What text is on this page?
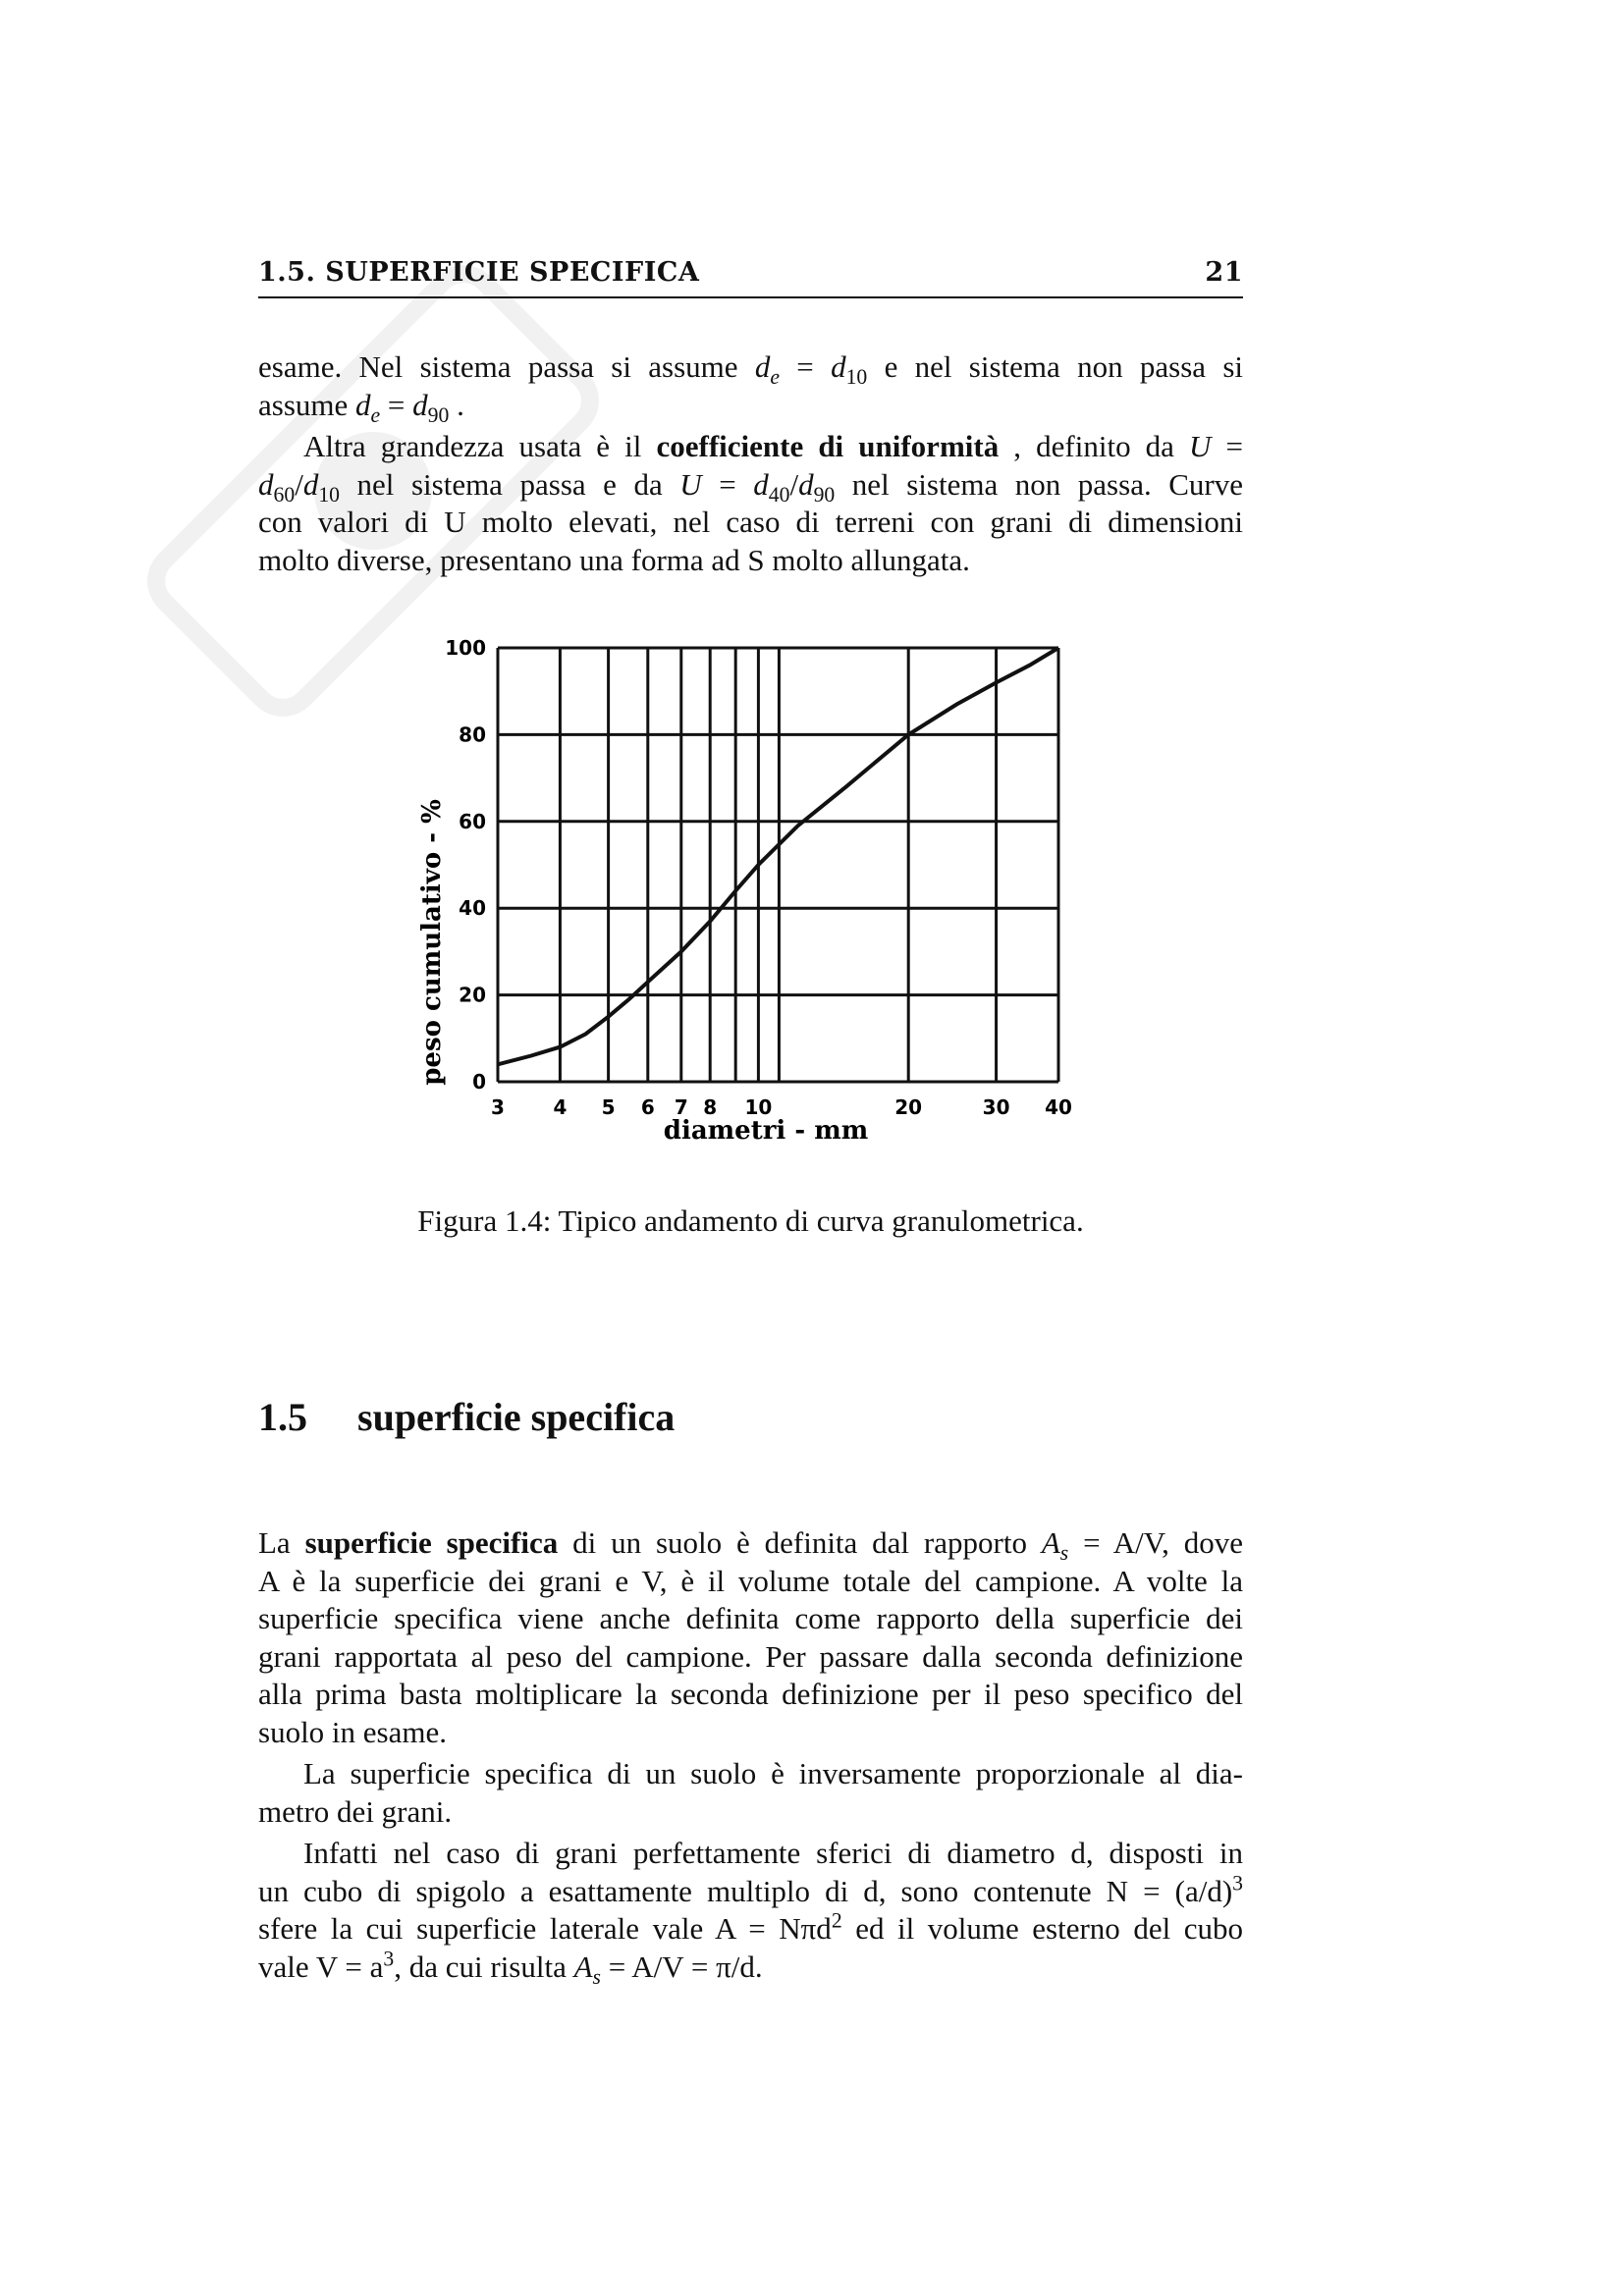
1.5. SUPERFICIE SPECIFICA	21

esame. Nel sistema passa si assume $d_e = d_{10}$ e nel sistema non passa si
assume $d_e = d_{90}$ .

Altra grandezza usata è il coefficiente di uniformità , definito da U =
$d_{60}/d_{10}$ nel sistema passa e da $U = d_{40}/d_{90}$ nel sistema non passa. Curve
con valori di U molto elevati, nel caso di terreni con grani di dimensioni
molto diverse, presentano una forma ad S molto allungata.

3 4 5 6 7 8 10	20	30 40
0
20
40
60
80
100
diametri - mm
peso cumulativo - %
Figura 1.4: Tipico andamento di curva granulometrica.
1.5 superficie specifica

La superficie specifica di un suolo è definita dal rapporto $A_s = A/V$, dove
A è la superficie dei grani e V, è il volume totale del campione. A volte la
superficie specifica viene anche definita come rapporto della superficie dei
grani rapportata al peso del campione. Per passare dalla seconda definizione
alla prima basta moltiplicare la seconda definizione per il peso specifico del
suolo in esame.

La superficie specifica di un suolo è inversamente proporzionale al dia-
metro dei grani.

Infatti nel caso di grani perfettamente sferici di diametro d, disposti in
un cubo di spigolo a esattamente multiplo di d, sono contenute $N = (a/d)^3$
sfere la cui superficie laterale vale A = Nπd$^2$ ed il volume esterno del cubo
vale $V = a^3$, da cui risulta $A_s = A/V = \pi/d$.
